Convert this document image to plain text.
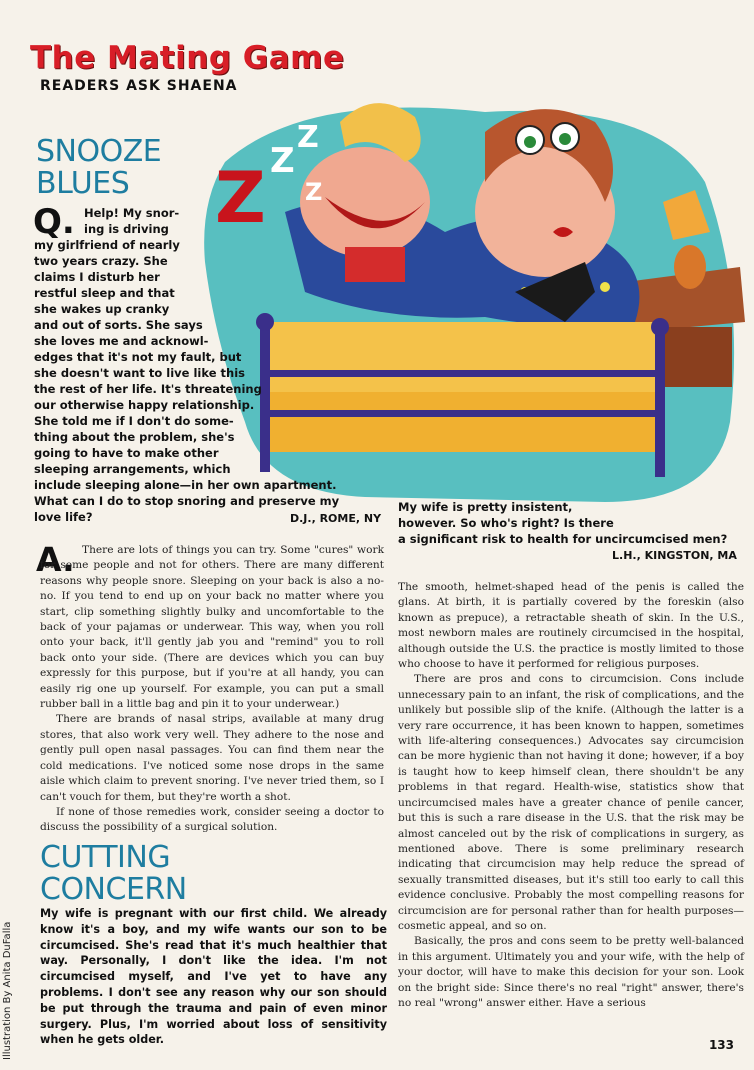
The Mating Game
READERS ASK SHAENA
Z Z
Z
Z
SNOOZE
BLUES
Q. Help! My snor-
ing is driving
my girlfriend of nearly
two years crazy. She
claims I disturb her
restful sleep and that
she wakes up cranky
and out of sorts. She says
she loves me and acknowl-
edges that it's not my fault, but
she doesn't want to live like this
the rest of her life. It's threatening
our otherwise happy relationship.
She told me if I don't do some-
thing about the problem, she's
going to have to make other
sleeping arrangements, which
include sleeping alone—in her own apartment.
What can I do to stop snoring and preserve my
love life?	D.J., ROME, NY
A. There are lots of things you can try. Some "cures" work for some people and not for others. There are many different reasons why people snore. Sleeping on your back is also a no-no. If you tend to end up on your back no matter where you start, clip something slightly bulky and uncomfortable to the back of your pajamas or underwear. This way, when you roll onto your back, it'll gently jab you and "remind" you to roll back onto your side. (There are devices which you can buy expressly for this purpose, but if you're at all handy, you can easily rig one up yourself. For example, you can put a small rubber ball in a little bag and pin it to your underwear.)

There are brands of nasal strips, available at many drug stores, that also work very well. They adhere to the nose and gently pull open nasal passages. You can find them near the cold medications. I've noticed some nose drops in the same aisle which claim to prevent snoring. I've never tried them, so I can't vouch for them, but they're worth a shot.

If none of those remedies work, consider seeing a doctor to discuss the possibility of a surgical solution.

CUTTING
CONCERN
My wife is pregnant with our first child. We already know it's a boy, and my wife wants our son to be circumcised. She's read that it's much healthier that way. Personally, I don't like the idea. I'm not circumcised myself, and I've yet to have any problems. I don't see any reason why our son should be put through the trauma and pain of even minor surgery. Plus, I'm worried about loss of sensitivity when he gets older.
My wife is pretty insistent,
however. So who's right? Is there
a significant risk to health for uncircumcised men?
L.H., KINGSTON, MA

The smooth, helmet-shaped head of the penis is called the glans. At birth, it is partially covered by the foreskin (also known as prepuce), a retractable sheath of skin. In the U.S., most newborn males are routinely circumcised in the hospital, although outside the U.S. the practice is mostly limited to those who choose to have it performed for religious purposes.

There are pros and cons to circumcision. Cons include unnecessary pain to an infant, the risk of complications, and the unlikely but possible slip of the knife. (Although the latter is a very rare occurrence, it has been known to happen, sometimes with life-altering consequences.) Advocates say circumcision can be more hygienic than not having it done; however, if a boy is taught how to keep himself clean, there shouldn't be any problems in that regard. Health-wise, statistics show that uncircumcised males have a greater chance of penile cancer, but this is such a rare disease in the U.S. that the risk may be almost canceled out by the risk of complications in surgery, as mentioned above. There is some preliminary research indicating that circumcision may help reduce the spread of sexually transmitted diseases, but it's still too early to call this evidence conclusive. Probably the most compelling reasons for circumcision are for personal rather than for health purposes—cosmetic appeal, and so on.

Basically, the pros and cons seem to be pretty well-balanced in this argument. Ultimately you and your wife, with the help of your doctor, will have to make this decision for your son. Look on the bright side: Since there's no real "right" answer, there's no real "wrong" answer either. Have a serious

Illustration By Anita DuFalla	133
